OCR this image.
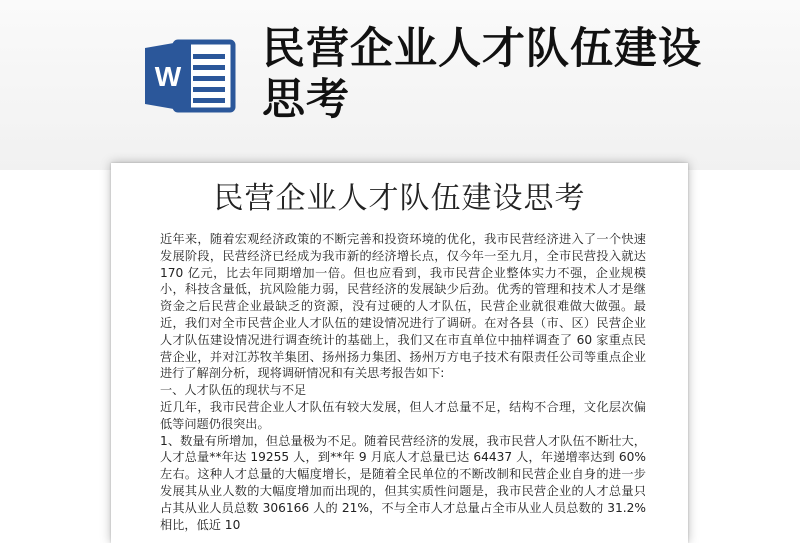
W
民营企业人才队伍建设思考
民营企业人才队伍建设思考

近年来，随着宏观经济政策的不断完善和投资环境的优化，我市民营经济进入了一个快速发展阶段，民营经济已经成为我市新的经济增长点，仅今年一至九月，全市民营投入就达 170 亿元，比去年同期增加一倍。但也应看到，我市民营企业整体实力不强，企业规模小，科技含量低，抗风险能力弱，民营经济的发展缺少后劲。优秀的管理和技术人才是继资金之后民营企业最缺乏的资源，没有过硬的人才队伍，民营企业就很难做大做强。最近，我们对全市民营企业人才队伍的建设情况进行了调研。在对各县（市、区）民营企业人才队伍建设情况进行调查统计的基础上，我们又在市直单位中抽样调查了 60 家重点民营企业，并对江苏牧羊集团、扬州扬力集团、扬州万方电子技术有限责任公司等重点企业进行了解剖分析，现将调研情况和有关思考报告如下:

一、人才队伍的现状与不足

近几年，我市民营企业人才队伍有较大发展，但人才总量不足，结构不合理，文化层次偏低等问题仍很突出。

1、数量有所增加，但总量极为不足。随着民营经济的发展，我市民营人才队伍不断壮大，人才总量**年达 19255 人，到**年 9 月底人才总量已达 64437 人，年递增率达到 60%左右。这种人才总量的大幅度增长，是随着全民单位的不断改制和民营企业自身的进一步发展其从业人数的大幅度增加而出现的，但其实质性问题是，我市民营企业的人才总量只占其从业人员总数 306166 人的 21%，不与全市人才总量占全市从业人员总数的 31.2%相比，低近 10
